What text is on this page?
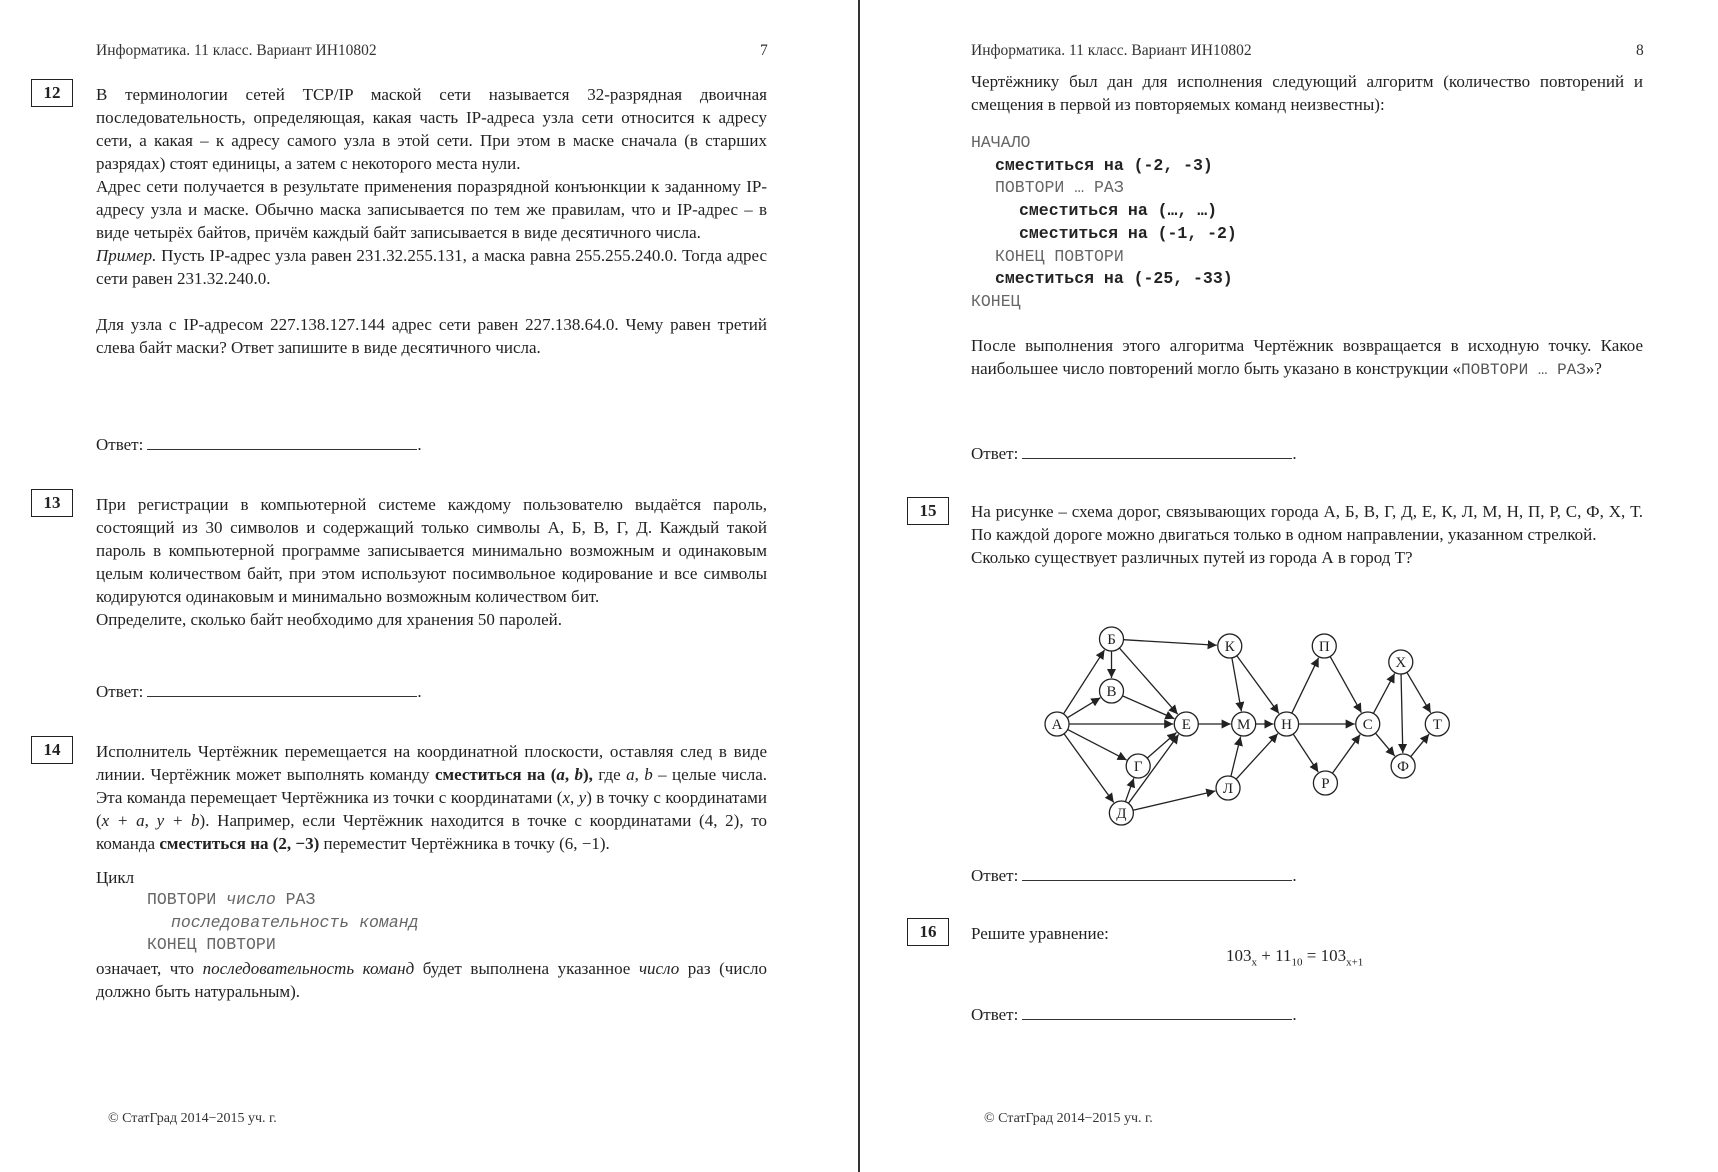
Информатика. 11 класс. Вариант ИН10802	7
12	В терминологии сетей TCP/IP маской сети называется 32-разрядная двоичная последовательность, определяющая, какая часть IP-адреса узла сети относится к адресу сети, а какая – к адресу самого узла в этой сети. При этом в маске сначала (в старших разрядах) стоят единицы, а затем с некоторого места нули.

Адрес сети получается в результате применения поразрядной конъюнкции к заданному IP-адресу узла и маске. Обычно маска записывается по тем же правилам, что и IP-адрес – в виде четырёх байтов, причём каждый байт записывается в виде десятичного числа.

Пример. Пусть IP-адрес узла равен 231.32.255.131, а маска равна 255.255.240.0. Тогда адрес сети равен 231.32.240.0.

Для узла с IP-адресом 227.138.127.144 адрес сети равен 227.138.64.0. Чему равен третий слева байт маски? Ответ запишите в виде десятичного числа.

Ответ:	.
13	При регистрации в компьютерной системе каждому пользователю выдаётся пароль, состоящий из 30 символов и содержащий только символы А, Б, В, Г, Д. Каждый такой пароль в компьютерной программе записывается минимально возможным и одинаковым целым количеством байт, при этом используют посимвольное кодирование и все символы кодируются одинаковым и минимально возможным количеством бит.

Определите, сколько байт необходимо для хранения 50 паролей.

Ответ:	.
14	Исполнитель Чертёжник перемещается на координатной плоскости, оставляя след в виде линии. Чертёжник может выполнять команду сместиться на (a, b), где a, b – целые числа. Эта команда перемещает Чертёжника из точки с координатами (x, y) в точку с координатами (x + a, y + b). Например, если Чертёжник находится в точке с координатами (4, 2), то команда сместиться на (2, −3) переместит Чертёжника в точку (6, −1).

Цикл

ПОВТОРИ число РАЗ
последовательность команд
КОНЕЦ ПОВТОРИ

означает, что последовательность команд будет выполнена указанное число раз (число должно быть натуральным).

© СтатГрад 2014−2015 уч. г.
Информатика. 11 класс. Вариант ИН10802	8

Чертёжнику был дан для исполнения следующий алгоритм (количество повторений и смещения в первой из повторяемых команд неизвестны):

НАЧАЛО
сместиться на (-2, -3)
ПОВТОРИ … РАЗ
сместиться на (…, …)
сместиться на (-1, -2)
КОНЕЦ ПОВТОРИ
сместиться на (-25, -33)
КОНЕЦ

После выполнения этого алгоритма Чертёжник возвращается в исходную точку. Какое наибольшее число повторений могло быть указано в конструкции «ПОВТОРИ … РАЗ»?

Ответ:	.
15	На рисунке – схема дорог, связывающих города А, Б, В, Г, Д, Е, К, Л, М, Н, П, Р, С, Ф, Х, Т. По каждой дороге можно двигаться только в одном направлении, указанном стрелкой.

Сколько существует различных путей из города А в город Т?

А
Б
В
Г
Д
Е
К
М
Л
Н
П
Р
С
Х
Ф
Т
Ответ:	.
16	Решите уравнение:

$103_x + 11_{10} = 103_{x+1}$
Ответ:	.
© СтатГрад 2014−2015 уч. г.
